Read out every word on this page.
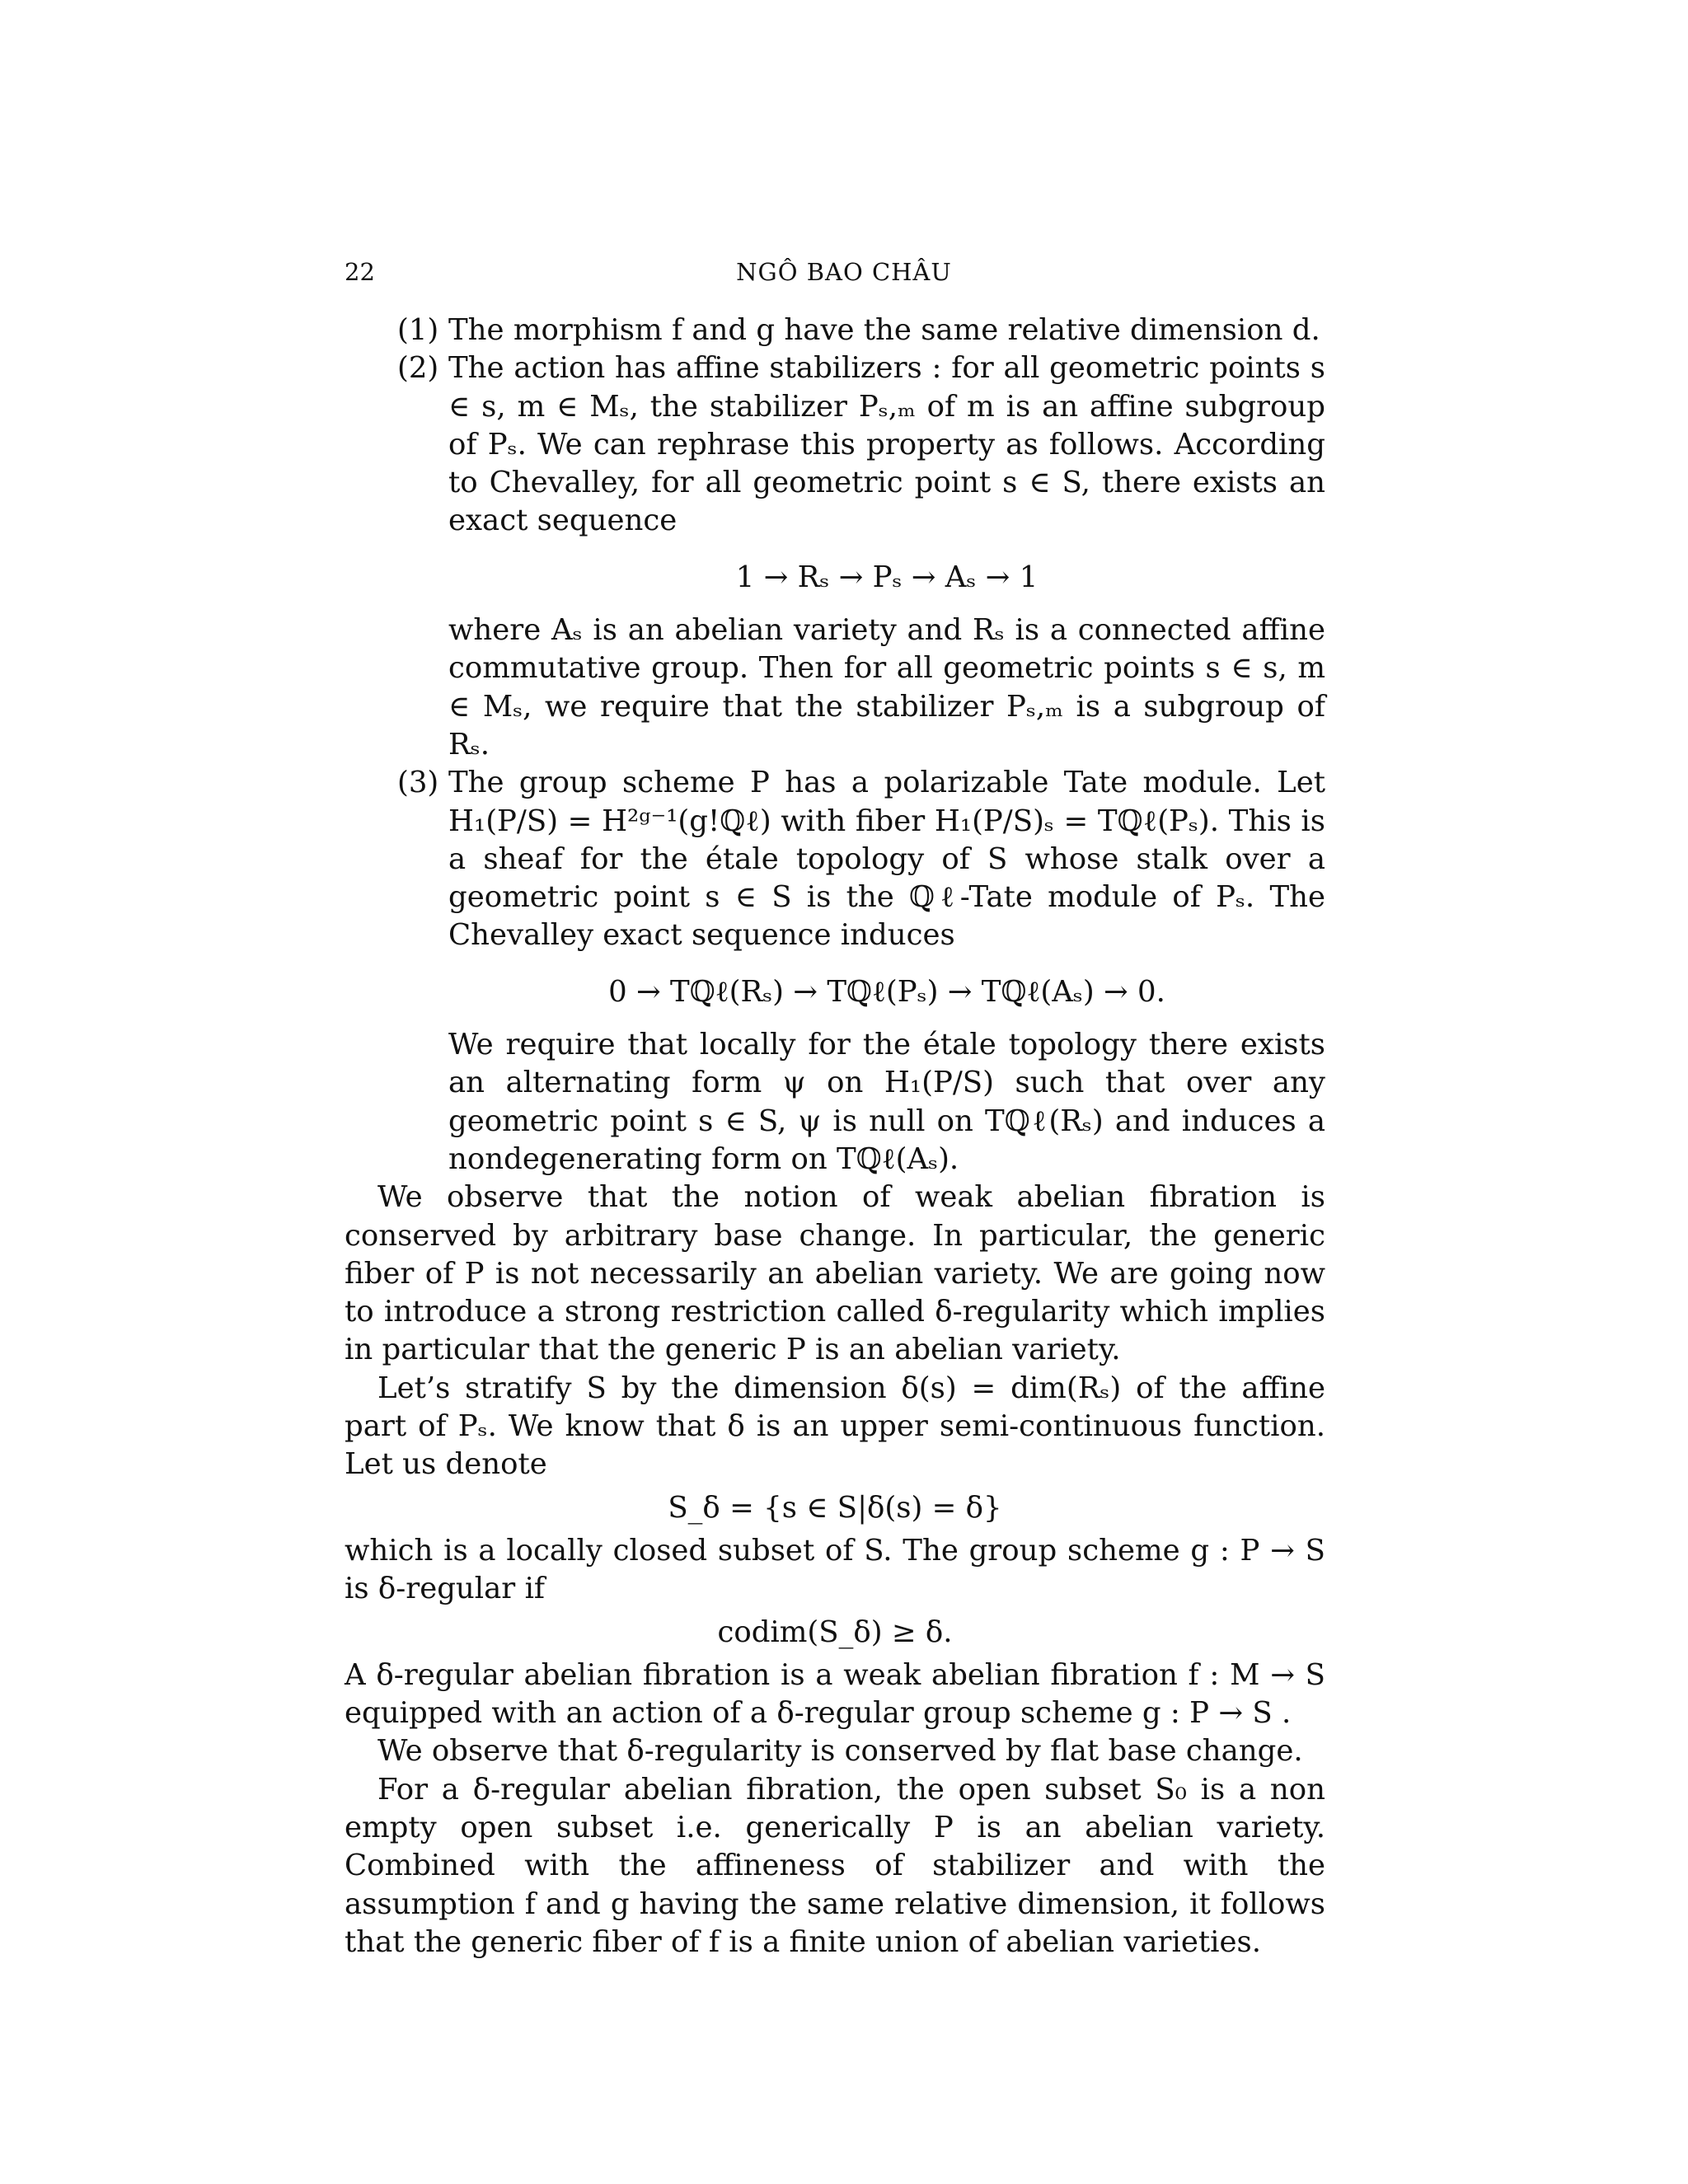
22	NGÔ BAO CHÂU
(1) The morphism f and g have the same relative dimension d.

(2) The action has affine stabilizers : for all geometric points s ∈ s, m ∈ Mₛ, the stabilizer Pₛ,ₘ of m is an affine subgroup of Pₛ. We can rephrase this property as follows. According to Chevalley, for all geometric point s ∈ S, there exists an exact sequence

1 → Rₛ → Pₛ → Aₛ → 1

where Aₛ is an abelian variety and Rₛ is a connected affine commutative group. Then for all geometric points s ∈ s, m ∈ Mₛ, we require that the stabilizer Pₛ,ₘ is a subgroup of Rₛ.

(3) The group scheme P has a polarizable Tate module. Let H₁(P/S) = H²ᵍ⁻¹(g!ℚℓ) with fiber H₁(P/S)ₛ = Tℚℓ(Pₛ). This is a sheaf for the étale topology of S whose stalk over a geometric point s ∈ S is the ℚℓ-Tate module of Pₛ. The Chevalley exact sequence induces

0 → Tℚℓ(Rₛ) → Tℚℓ(Pₛ) → Tℚℓ(Aₛ) → 0.

We require that locally for the étale topology there exists an alternating form ψ on H₁(P/S) such that over any geometric point s ∈ S, ψ is null on Tℚℓ(Rₛ) and induces a nondegenerating form on Tℚℓ(Aₛ).

We observe that the notion of weak abelian fibration is conserved by arbitrary base change. In particular, the generic fiber of P is not necessarily an abelian variety. We are going now to introduce a strong restriction called δ-regularity which implies in particular that the generic P is an abelian variety.

Let’s stratify S by the dimension δ(s) = dim(Rₛ) of the affine part of Pₛ. We know that δ is an upper semi-continuous function. Let us denote

S_δ = {s ∈ S|δ(s) = δ}

which is a locally closed subset of S. The group scheme g : P → S is δ-regular if

codim(S_δ) ≥ δ.

A δ-regular abelian fibration is a weak abelian fibration f : M → S equipped with an action of a δ-regular group scheme g : P → S .

We observe that δ-regularity is conserved by flat base change.

For a δ-regular abelian fibration, the open subset S₀ is a non empty open subset i.e. generically P is an abelian variety. Combined with the affineness of stabilizer and with the assumption f and g having the same relative dimension, it follows that the generic fiber of f is a finite union of abelian varieties.
